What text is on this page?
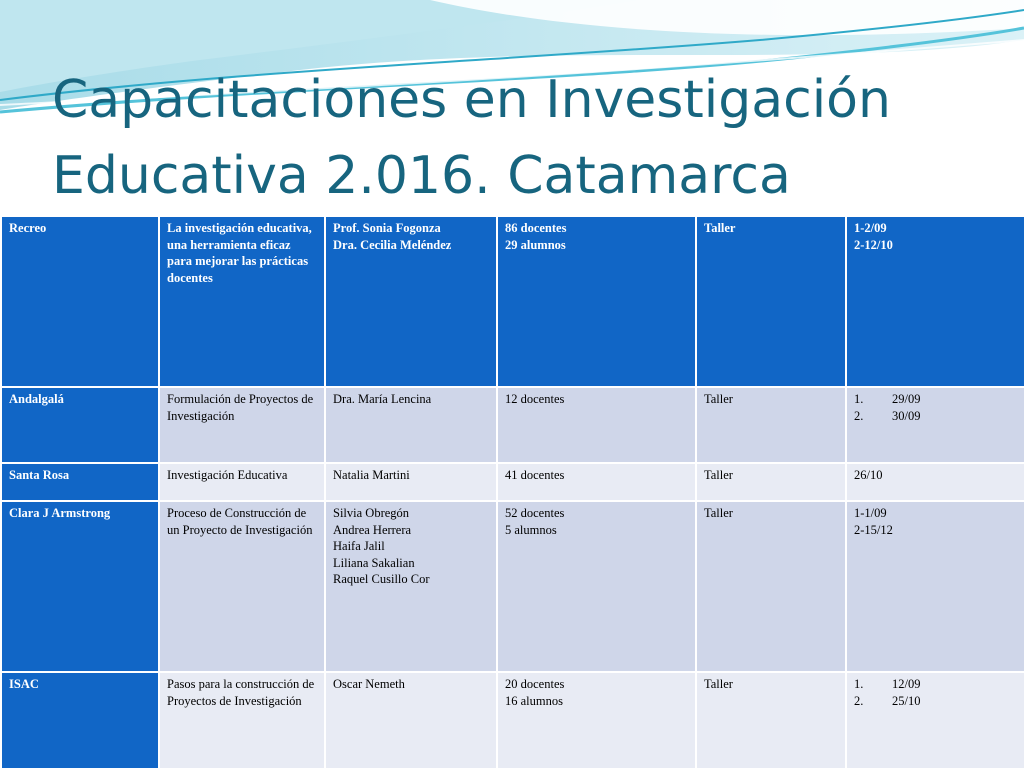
Capacitaciones en Investigación
Educativa 2.016. Catamarca
Recreo	La investigación educativa, una herramienta eficaz para mejorar las prácticas docentes	Prof. Sonia Fogonza
Dra. Cecilia Meléndez	86 docentes
29 alumnos	Taller	1-2/09
2-12/10

Andalgalá	Formulación de Proyectos de Investigación	Dra. María Lencina	12 docentes	Taller	1. 29/09
2. 30/09

Santa Rosa	Investigación Educativa	Natalia Martini	41 docentes	Taller	26/10

Clara J Armstrong	Proceso de Construcción de un Proyecto de Investigación	Silvia Obregón
Andrea Herrera
Haifa Jalil
Liliana Sakalian
Raquel Cusillo Cor	52 docentes
5 alumnos	Taller	1-1/09
2-15/12

ISAC	Pasos para la construcción de Proyectos de Investigación	Oscar Nemeth	20 docentes
16 alumnos	Taller	1. 12/09
2. 25/10
